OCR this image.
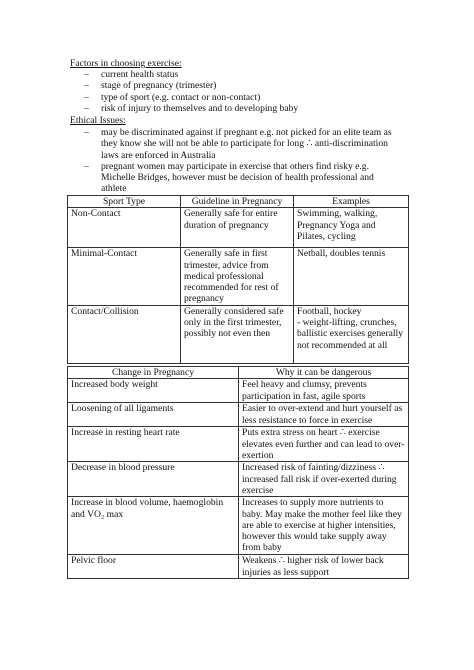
Factors in choosing exercise:
– current health status
– stage of pregnancy (trimester)
– type of sport (e.g. contact or non-contact)
– risk of injury to themselves and to developing baby
Ethical Issues:
– may be discriminated against if pregnant e.g. not picked for an elite team as they know she will not be able to participate for long ∴ anti-discrimination laws are enforced in Australia
– pregnant women may participate in exercise that others find risky e.g. Michelle Bridges, however must be decision of health professional and athlete
Sport Type	Guideline in Pregnancy	Examples
Non-Contact	Generally safe for entire duration of pregnancy	Swimming, walking, Pregnancy Yoga and Pilates, cycling
Minimal-Contact	Generally safe in first trimester, advice from medical professional recommended for rest of pregnancy	Netball, doubles tennis
Contact/Collision	Generally considered safe only in the first trimester, possibly not even then	Football, hockey
- weight-lifting, crunches, ballistic exercises generally not recommended at all
Change in Pregnancy	Why it can be dangerous
Increased body weight	Feel heavy and clumsy, prevents participation in fast, agile sports
Loosening of all ligaments	Easier to over-extend and hurt yourself as less resistance to force in exercise
Increase in resting heart rate	Puts extra stress on heart ∴ exercise elevates even further and can lead to over-exertion
Decrease in blood pressure	Increased risk of fainting/dizziness ∴ increased fall risk if over-exerted during exercise
Increase in blood volume, haemoglobin and VO₂ max	Increases to supply more nutrients to baby. May make the mother feel like they are able to exercise at higher intensities, however this would take supply away from baby
Pelvic floor	Weakens ∴ higher risk of lower back injuries as less support
